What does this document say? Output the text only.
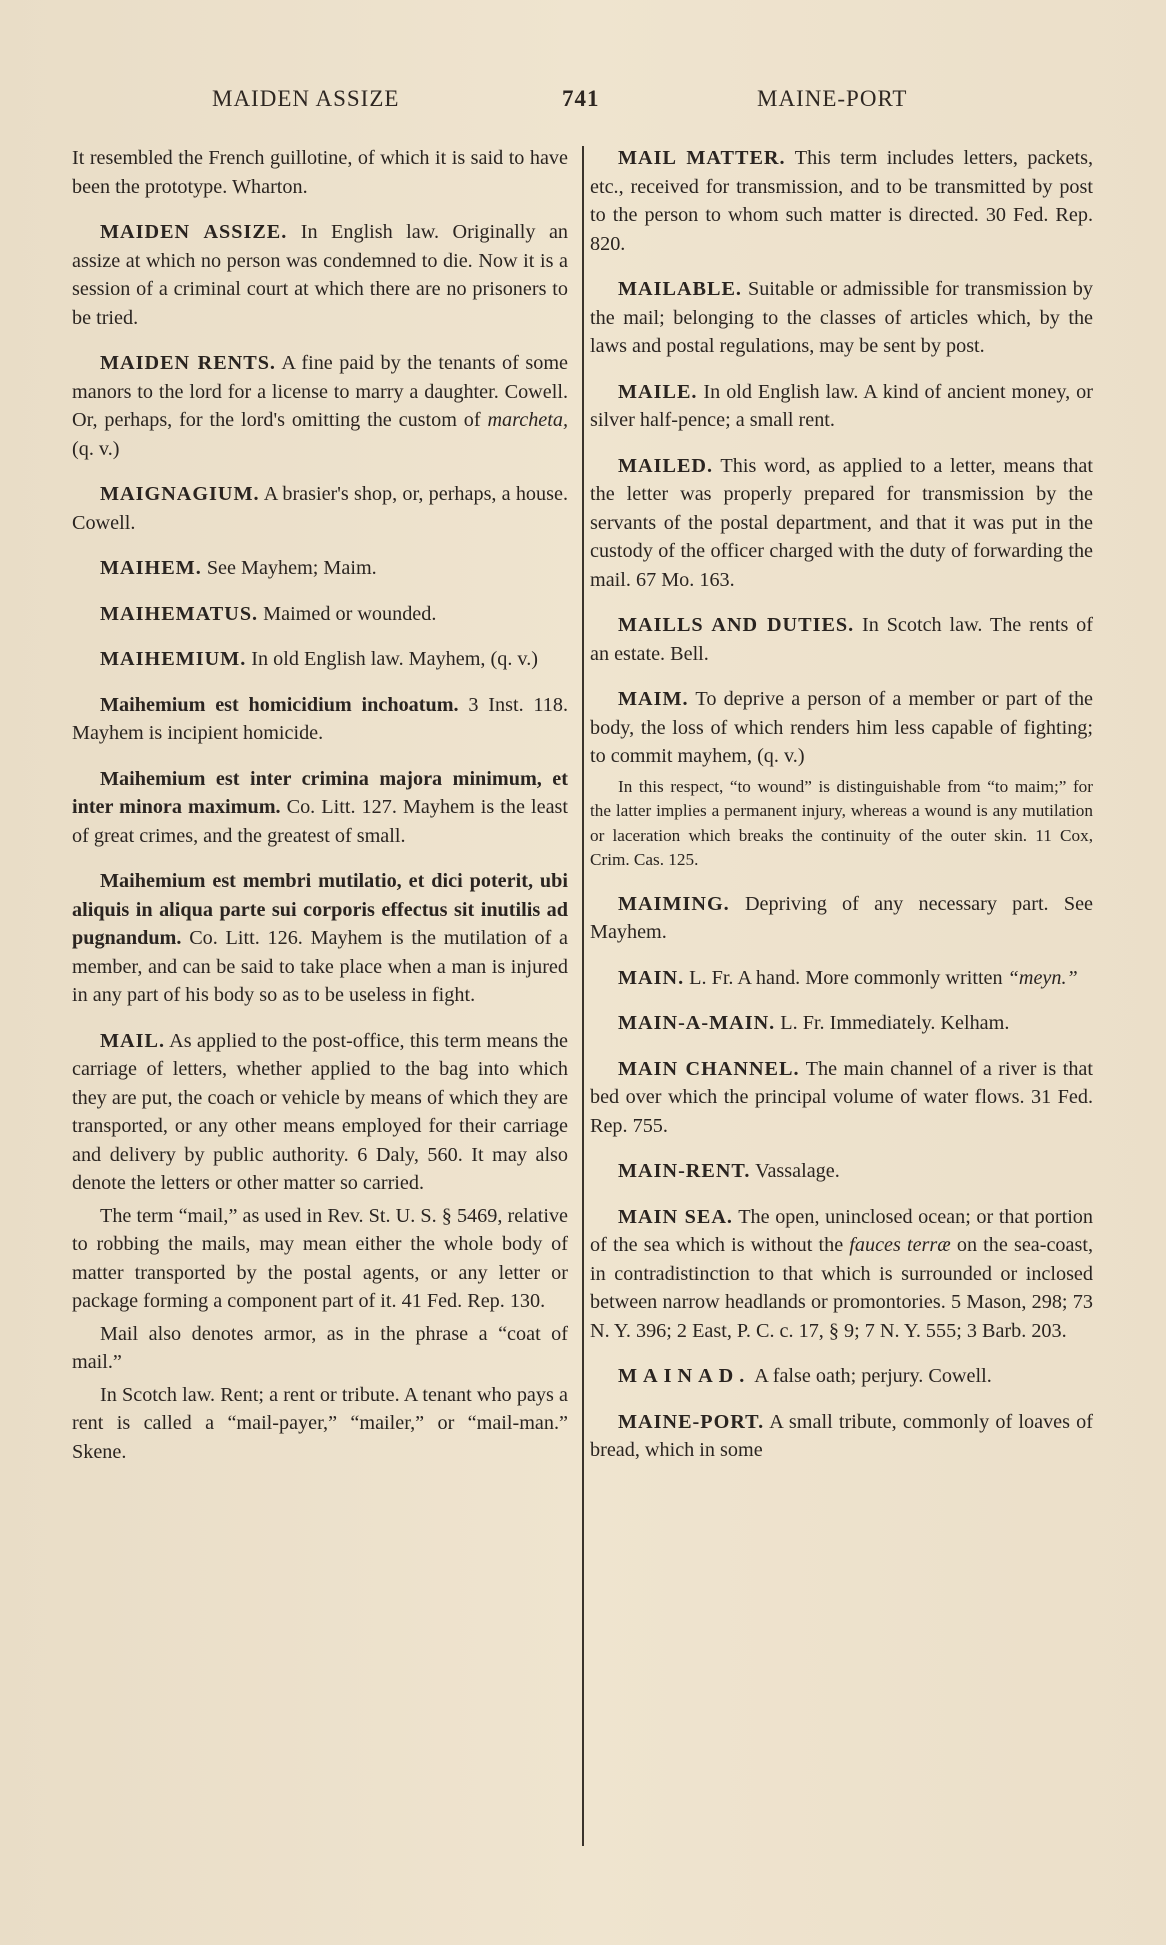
MAIDEN ASSIZE	741	MAINE-PORT

It resembled the French guillotine, of which it is said to have been the prototype. Wharton.

MAIDEN ASSIZE. In English law. Originally an assize at which no person was condemned to die. Now it is a session of a criminal court at which there are no prisoners to be tried.

MAIDEN RENTS. A fine paid by the tenants of some manors to the lord for a license to marry a daughter. Cowell. Or, perhaps, for the lord's omitting the custom of marcheta, (q. v.)

MAIGNAGIUM. A brasier's shop, or, perhaps, a house. Cowell.

MAIHEM. See Mayhem; Maim.

MAIHEMATUS. Maimed or wounded.

MAIHEMIUM. In old English law. Mayhem, (q. v.)

Maihemium est homicidium inchoatum. 3 Inst. 118. Mayhem is incipient homicide.

Maihemium est inter crimina majora minimum, et inter minora maximum. Co. Litt. 127. Mayhem is the least of great crimes, and the greatest of small.

Maihemium est membri mutilatio, et dici poterit, ubi aliquis in aliqua parte sui corporis effectus sit inutilis ad pugnandum. Co. Litt. 126. Mayhem is the mutilation of a member, and can be said to take place when a man is injured in any part of his body so as to be useless in fight.

MAIL. As applied to the post-office, this term means the carriage of letters, whether applied to the bag into which they are put, the coach or vehicle by means of which they are transported, or any other means employed for their carriage and delivery by public authority. 6 Daly, 560. It may also denote the letters or other matter so carried.

The term “mail,” as used in Rev. St. U. S. § 5469, relative to robbing the mails, may mean either the whole body of matter transported by the postal agents, or any letter or package forming a component part of it. 41 Fed. Rep. 130.

Mail also denotes armor, as in the phrase a “coat of mail.”

In Scotch law. Rent; a rent or tribute. A tenant who pays a rent is called a “mail-payer,” “mailer,” or “mail-man.” Skene.

MAIL MATTER. This term includes letters, packets, etc., received for transmission, and to be transmitted by post to the person to whom such matter is directed. 30 Fed. Rep. 820.

MAILABLE. Suitable or admissible for transmission by the mail; belonging to the classes of articles which, by the laws and postal regulations, may be sent by post.

MAILE. In old English law. A kind of ancient money, or silver half-pence; a small rent.

MAILED. This word, as applied to a letter, means that the letter was properly prepared for transmission by the servants of the postal department, and that it was put in the custody of the officer charged with the duty of forwarding the mail. 67 Mo. 163.

MAILLS AND DUTIES. In Scotch law. The rents of an estate. Bell.

MAIM. To deprive a person of a member or part of the body, the loss of which renders him less capable of fighting; to commit mayhem, (q. v.)

In this respect, “to wound” is distinguishable from “to maim;” for the latter implies a permanent injury, whereas a wound is any mutilation or laceration which breaks the continuity of the outer skin. 11 Cox, Crim. Cas. 125.

MAIMING. Depriving of any necessary part. See Mayhem.

MAIN. L. Fr. A hand. More commonly written “meyn.”

MAIN-A-MAIN. L. Fr. Immediately. Kelham.

MAIN CHANNEL. The main channel of a river is that bed over which the principal volume of water flows. 31 Fed. Rep. 755.

MAIN-RENT. Vassalage.

MAIN SEA. The open, uninclosed ocean; or that portion of the sea which is without the fauces terræ on the sea-coast, in contradistinction to that which is surrounded or inclosed between narrow headlands or promontories. 5 Mason, 298; 73 N. Y. 396; 2 East, P. C. c. 17, § 9; 7 N. Y. 555; 3 Barb. 203.

MAINAD. A false oath; perjury. Cowell.

MAINE-PORT. A small tribute, commonly of loaves of bread, which in some
